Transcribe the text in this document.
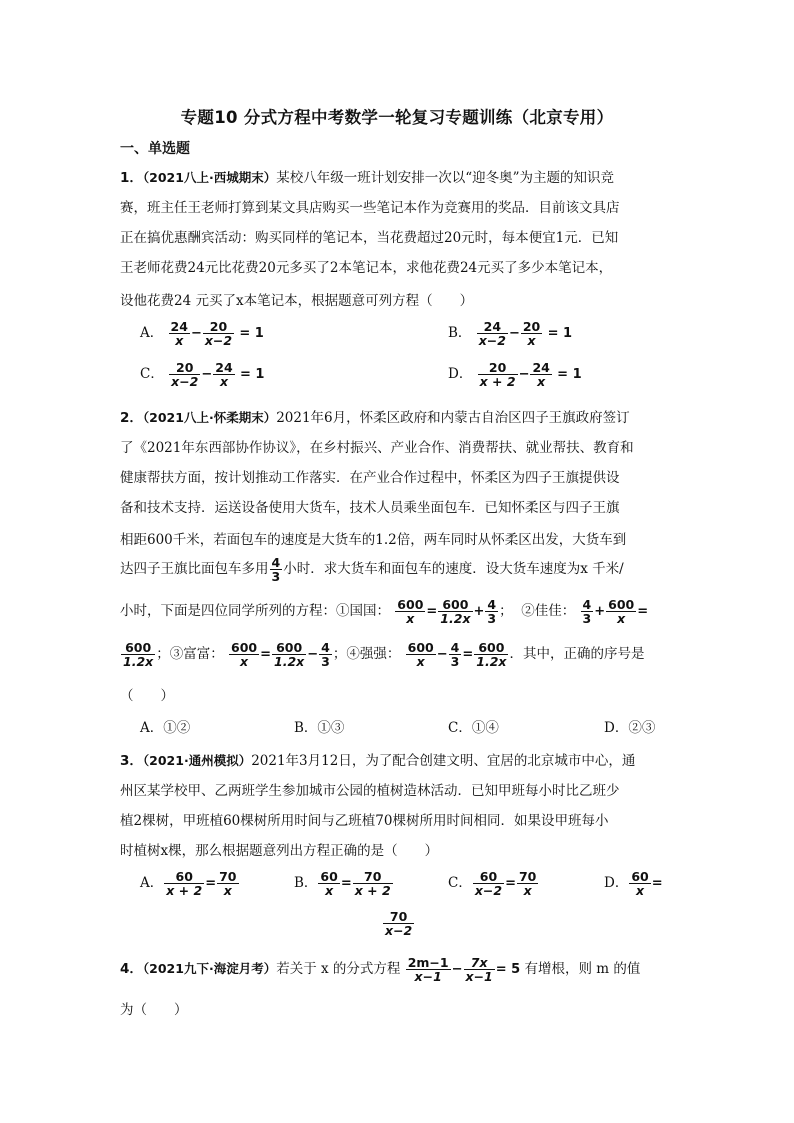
专题10 分式方程中考数学一轮复习专题训练（北京专用）
一、单选题
1．（2021八上·西城期末）某校八年级一班计划安排一次以“迎冬奥”为主题的知识竞
赛，班主任王老师打算到某文具店购买一些笔记本作为竞赛用的奖品．目前该文具店
正在搞优惠酬宾活动：购买同样的笔记本，当花费超过20元时，每本便宜1元．已知
王老师花费24元比花费20元多买了2本笔记本，求他花费24元买了多少本笔记本，
设他花费24 元买了x本笔记本，根据题意可列方程（　　）
A． $\frac{24}{x} - \frac{20}{x-2} = 1$	B． $\frac{24}{x-2} - \frac{20}{x} = 1$
C． $\frac{20}{x-2} - \frac{24}{x} = 1$	D． $\frac{20}{x + 2} - \frac{24}{x} = 1$
2．（2021八上·怀柔期末）2021年6月，怀柔区政府和内蒙古自治区四子王旗政府签订
了《2021年东西部协作协议》，在乡村振兴、产业合作、消费帮扶、就业帮扶、教育和
健康帮扶方面，按计划推动工作落实．在产业合作过程中，怀柔区为四子王旗提供设
备和技术支持．运送设备使用大货车，技术人员乘坐面包车．已知怀柔区与四子王旗
相距600千米，若面包车的速度是大货车的1.2倍，两车同时从怀柔区出发，大货车到
达四子王旗比面包车多用 $\frac{4}{3}$ 小时．求大货车和面包车的速度．设大货车速度为x 千米/
小时，下面是四位同学所列的方程：①国国： $\frac{600}{x} = \frac{600}{1.2x} + \frac{4}{3}$ ；  ②佳佳： $\frac{4}{3} + \frac{600}{x}$ =
$\frac{600}{1.2x}$ ；③富富： $\frac{600}{x} = \frac{600}{1.2x} - \frac{4}{3}$ ；④强强： $\frac{600}{x} - \frac{4}{3} = \frac{600}{1.2x}$ ．其中，正确的序号是
（　　）
A．①②	B．①③	C．①④	D．②③
3．（2021·通州模拟）2021年3月12日，为了配合创建文明、宜居的北京城市中心，通
州区某学校甲、乙两班学生参加城市公园的植树造林活动．已知甲班每小时比乙班少
植2棵树，甲班植60棵树所用时间与乙班植70棵树所用时间相同．如果设甲班每小
时植树x棵，那么根据题意列出方程正确的是（　　）
A． $\frac{60}{x + 2} = \frac{70}{x}$	B． $\frac{60}{x} = \frac{70}{x + 2}$	C． $\frac{60}{x-2} = \frac{70}{x}$	D． $\frac{60}{x}$ =
$\frac{70}{x-2}$
4．（2021九下·海淀月考）若关于 x 的分式方程 $\frac{2m-1}{x-1} - \frac{7x}{x-1} = 5$ 有增根，则 m 的值
为（　　）
